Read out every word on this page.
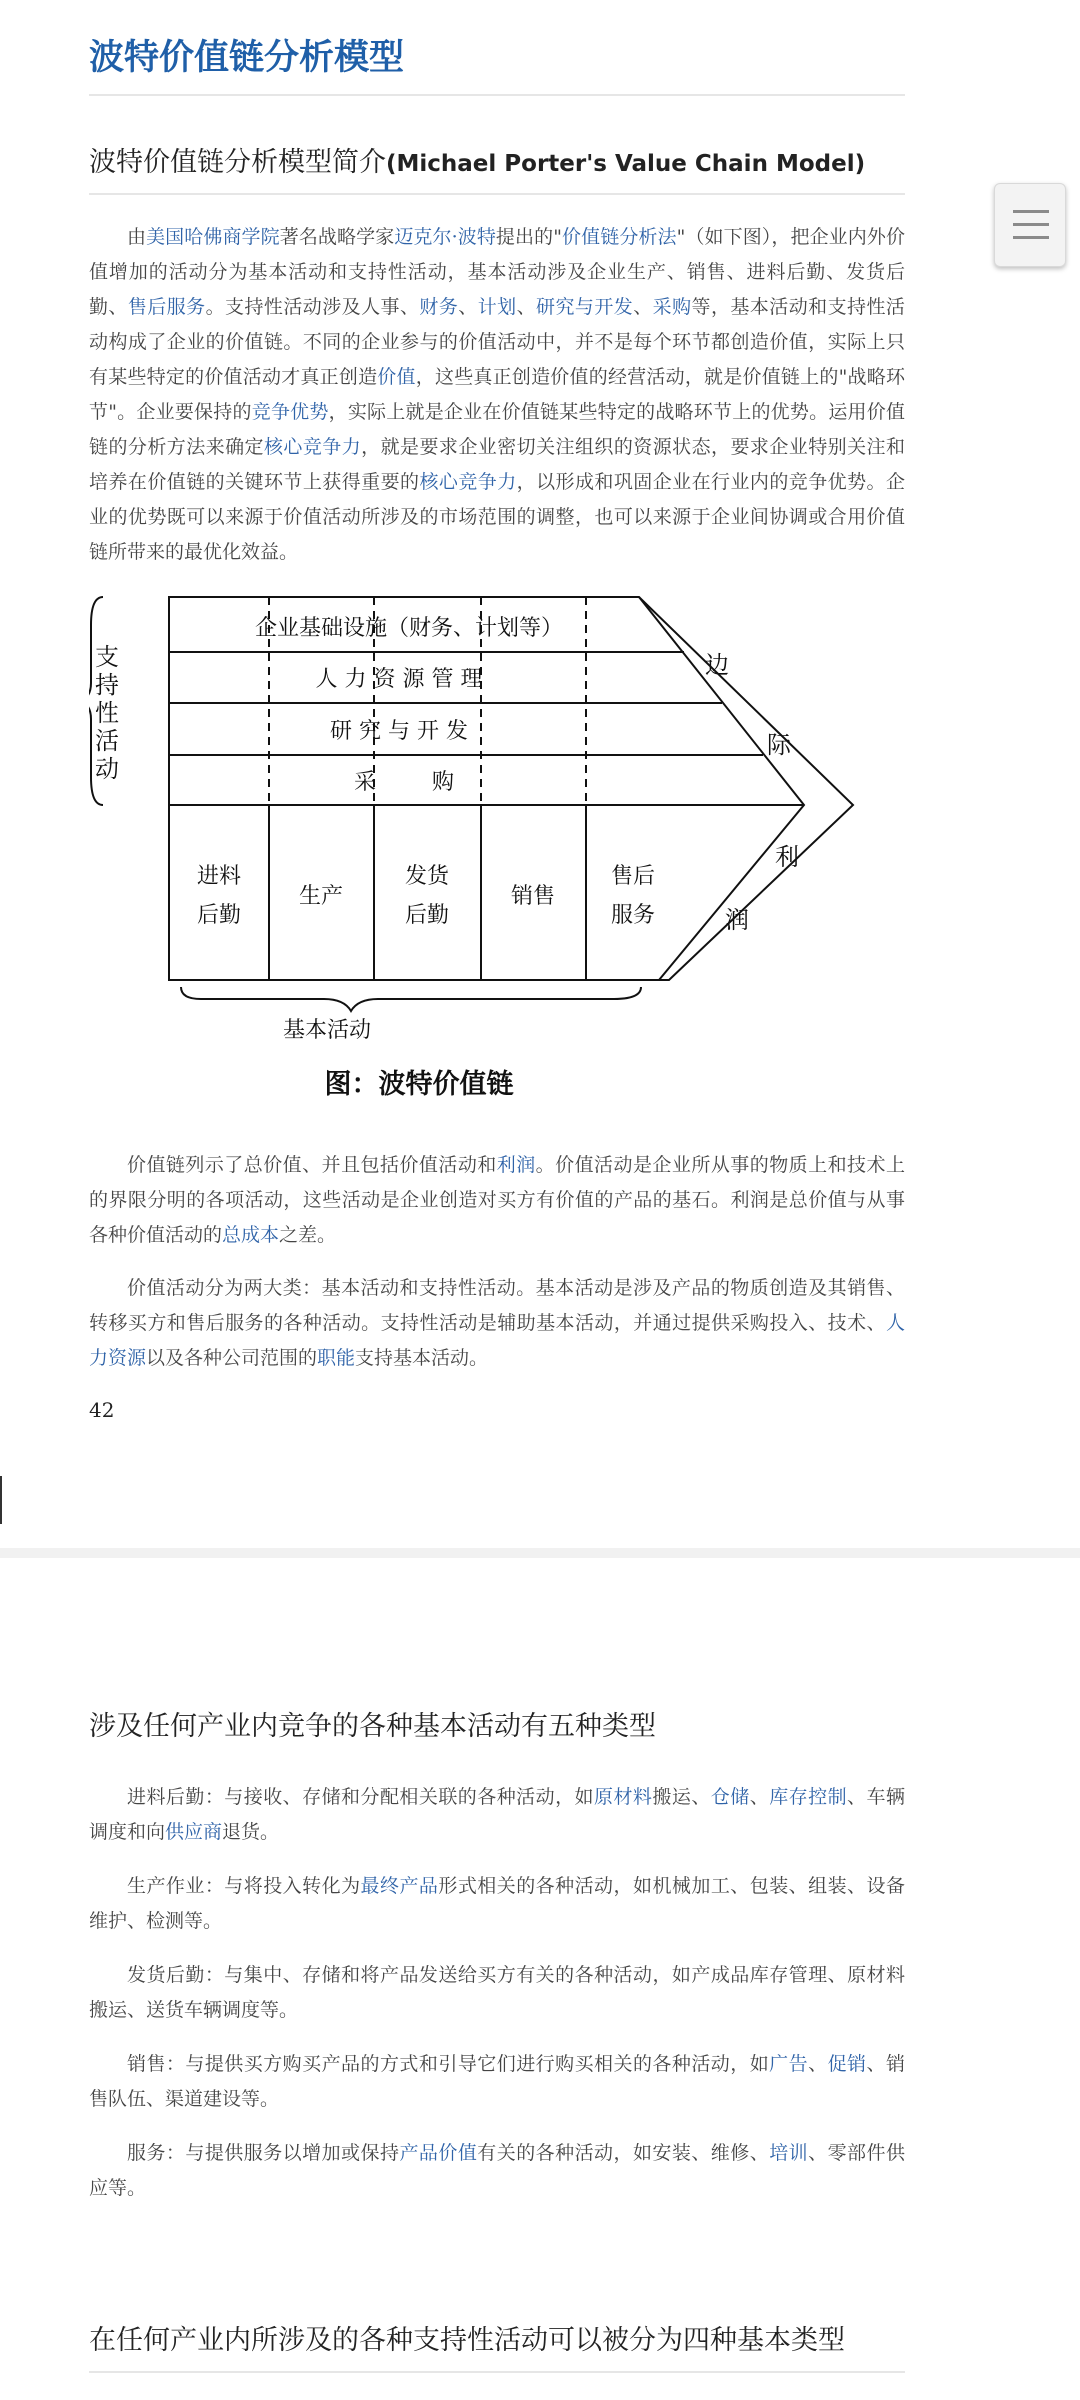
波特价值链分析模型
波特价值链分析模型简介(Michael Porter's Value Chain Model)

由美国哈佛商学院著名战略学家迈克尔·波特提出的"价值链分析法"（如下图），把企业内外价值增加的活动分为基本活动和支持性活动，基本活动涉及企业生产、销售、进料后勤、发货后勤、售后服务。支持性活动涉及人事、财务、计划、研究与开发、采购等，基本活动和支持性活动构成了企业的价值链。不同的企业参与的价值活动中，并不是每个环节都创造价值，实际上只有某些特定的价值活动才真正创造价值，这些真正创造价值的经营活动，就是价值链上的"战略环节"。企业要保持的竞争优势，实际上就是企业在价值链某些特定的战略环节上的优势。运用价值链的分析方法来确定核心竞争力，就是要求企业密切关注组织的资源状态，要求企业特别关注和培养在价值链的关键环节上获得重要的核心竞争力，以形成和巩固企业在行业内的竞争优势。企业的优势既可以来源于价值活动所涉及的市场范围的调整，也可以来源于企业间协调或合用价值链所带来的最优化效益。

支
持
性
活
动
企业基础设施（财务、计划等）
人 力 资 源 管 理
研 究 与 开 发
采        购
进料
后勤
生产
发货
后勤
销售
售后
服务
边
际
利
润
基本活动
图：波特价值链

价值链列示了总价值、并且包括价值活动和利润。价值活动是企业所从事的物质上和技术上的界限分明的各项活动，这些活动是企业创造对买方有价值的产品的基石。利润是总价值与从事各种价值活动的总成本之差。

价值活动分为两大类：基本活动和支持性活动。基本活动是涉及产品的物质创造及其销售、转移买方和售后服务的各种活动。支持性活动是辅助基本活动，并通过提供采购投入、技术、人力资源以及各种公司范围的职能支持基本活动。

42
涉及任何产业内竞争的各种基本活动有五种类型

进料后勤：与接收、存储和分配相关联的各种活动，如原材料搬运、仓储、库存控制、车辆调度和向供应商退货。

生产作业：与将投入转化为最终产品形式相关的各种活动，如机械加工、包装、组装、设备维护、检测等。

发货后勤：与集中、存储和将产品发送给买方有关的各种活动，如产成品库存管理、原材料搬运、送货车辆调度等。

销售：与提供买方购买产品的方式和引导它们进行购买相关的各种活动，如广告、促销、销售队伍、渠道建设等。

服务：与提供服务以增加或保持产品价值有关的各种活动，如安装、维修、培训、零部件供应等。

在任何产业内所涉及的各种支持性活动可以被分为四种基本类型
